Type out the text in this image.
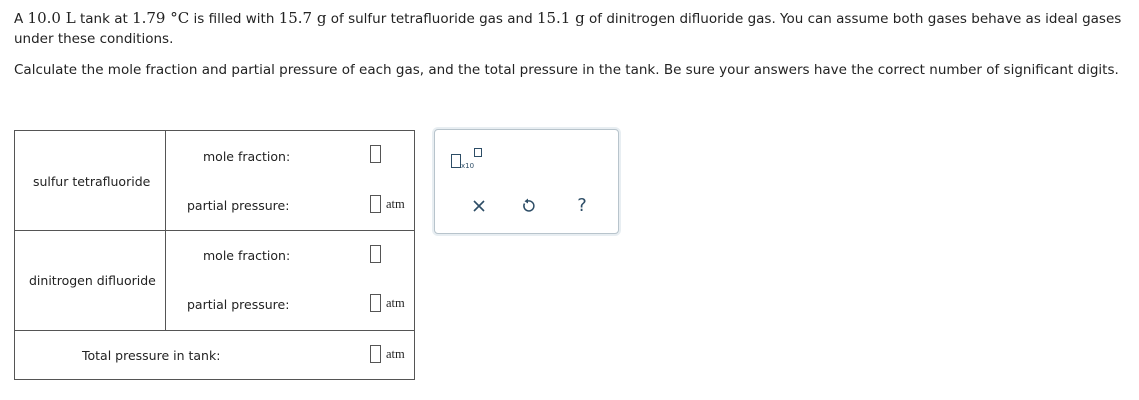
A 10.0 L tank at 1.79 °C is filled with 15.7 g of sulfur tetrafluoride gas and 15.1 g of dinitrogen difluoride gas. You can assume both gases behave as ideal gases under these conditions.
Calculate the mole fraction and partial pressure of each gas, and the total pressure in the tank. Be sure your answers have the correct number of significant digits.
sulfur tetrafluoride
mole fraction:
partial pressure:	atm
dinitrogen difluoride
mole fraction:
partial pressure:	atm
Total pressure in tank:	atm
x10
?
